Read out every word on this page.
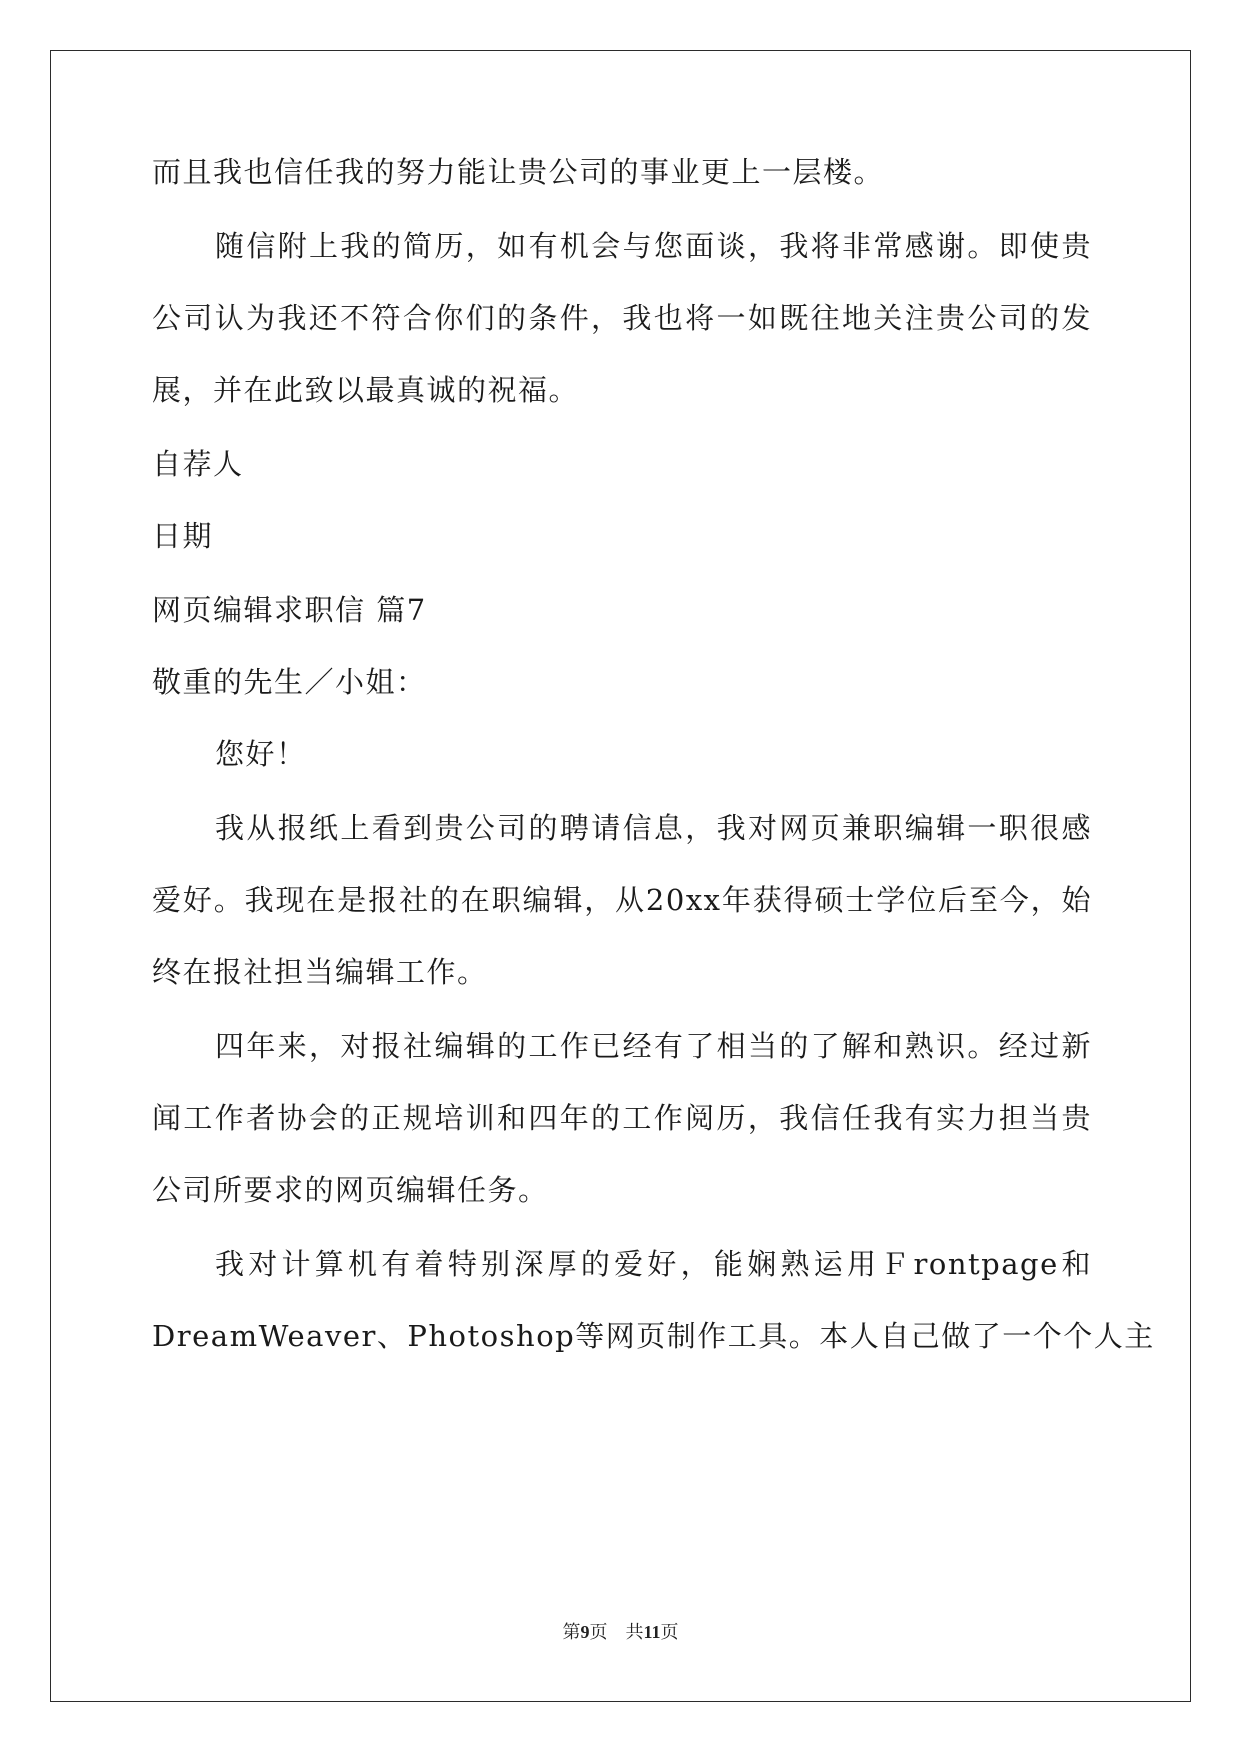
而且我也信任我的努力能让贵公司的事业更上一层楼。
随信附上我的简历，如有机会与您面谈，我将非常感谢。即使贵
公司认为我还不符合你们的条件，我也将一如既往地关注贵公司的发
展，并在此致以最真诚的祝福。
自荐人
日期
网页编辑求职信 篇7
敬重的先生／小姐：
您好！
我从报纸上看到贵公司的聘请信息，我对网页兼职编辑一职很感
爱好。我现在是报社的在职编辑，从20xx年获得硕士学位后至今，始
终在报社担当编辑工作。
四年来，对报社编辑的工作已经有了相当的了解和熟识。经过新
闻工作者协会的正规培训和四年的工作阅历，我信任我有实力担当贵
公司所要求的网页编辑任务。
我对计算机有着特别深厚的爱好，能娴熟运用Ｆrontpage和
DreamWeaver、Photoshop等网页制作工具。本人自己做了一个个人主
第9页　共11页
